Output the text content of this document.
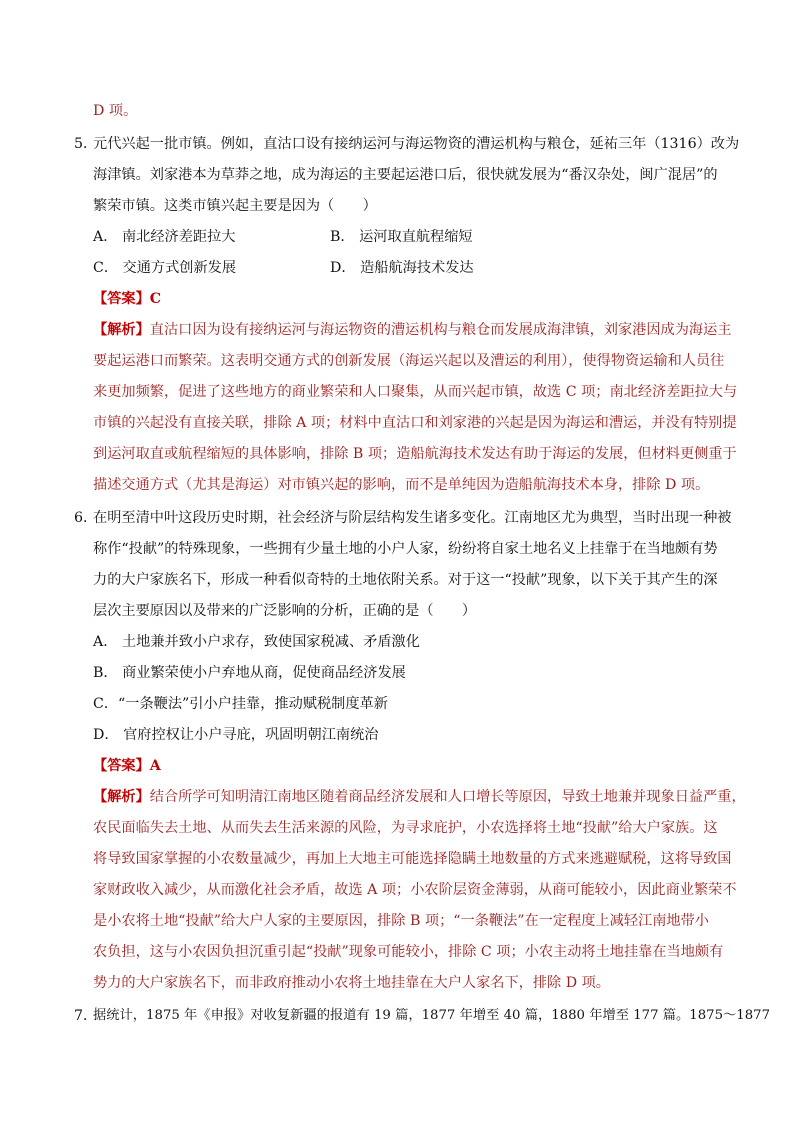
D 项。
5．
元代兴起一批市镇。例如，直沽口设有接纳运河与海运物资的漕运机构与粮仓，延祐三年（1316）改为
海津镇。刘家港本为草莽之地，成为海运的主要起运港口后，很快就发展为“番汉杂处，闽广混居”的
繁荣市镇。这类市镇兴起主要是因为（　　）
A． 南北经济差距拉大	B． 运河取直航程缩短
C． 交通方式创新发展	D． 造船航海技术发达
【答案】C
【解析】直沽口因为设有接纳运河与海运物资的漕运机构与粮仓而发展成海津镇，刘家港因成为海运主
要起运港口而繁荣。这表明交通方式的创新发展（海运兴起以及漕运的利用），使得物资运输和人员往
来更加频繁，促进了这些地方的商业繁荣和人口聚集，从而兴起市镇，故选 C 项；南北经济差距拉大与
市镇的兴起没有直接关联，排除 A 项；材料中直沽口和刘家港的兴起是因为海运和漕运，并没有特别提
到运河取直或航程缩短的具体影响，排除 B 项；造船航海技术发达有助于海运的发展，但材料更侧重于
描述交通方式（尤其是海运）对市镇兴起的影响，而不是单纯因为造船航海技术本身，排除 D 项。
6．
在明至清中叶这段历史时期，社会经济与阶层结构发生诸多变化。江南地区尤为典型，当时出现一种被
称作“投献”的特殊现象，一些拥有少量土地的小户人家，纷纷将自家土地名义上挂靠于在当地颇有势
力的大户家族名下，形成一种看似奇特的土地依附关系。对于这一“投献”现象，以下关于其产生的深
层次主要原因以及带来的广泛影响的分析，正确的是（　　）
A． 土地兼并致小户求存，致使国家税减、矛盾激化
B． 商业繁荣使小户弃地从商，促使商品经济发展
C．“一条鞭法”引小户挂靠，推动赋税制度革新
D． 官府控权让小户寻庇，巩固明朝江南统治
【答案】A
【解析】结合所学可知明清江南地区随着商品经济发展和人口增长等原因，导致土地兼并现象日益严重，
农民面临失去土地、从而失去生活来源的风险，为寻求庇护，小农选择将土地“投献”给大户家族。这
将导致国家掌握的小农数量减少，再加上大地主可能选择隐瞒土地数量的方式来逃避赋税，这将导致国
家财政收入减少，从而激化社会矛盾，故选 A 项；小农阶层资金薄弱，从商可能较小，因此商业繁荣不
是小农将土地“投献”给大户人家的主要原因，排除 B 项；“一条鞭法”在一定程度上减轻江南地带小
农负担，这与小农因负担沉重引起“投献”现象可能较小，排除 C 项；小农主动将土地挂靠在当地颇有
势力的大户家族名下，而非政府推动小农将土地挂靠在大户人家名下，排除 D 项。
7．
据统计，1875 年《申报》对收复新疆的报道有 19 篇，1877 年增至 40 篇，1880 年增至 177 篇。1875～1877
